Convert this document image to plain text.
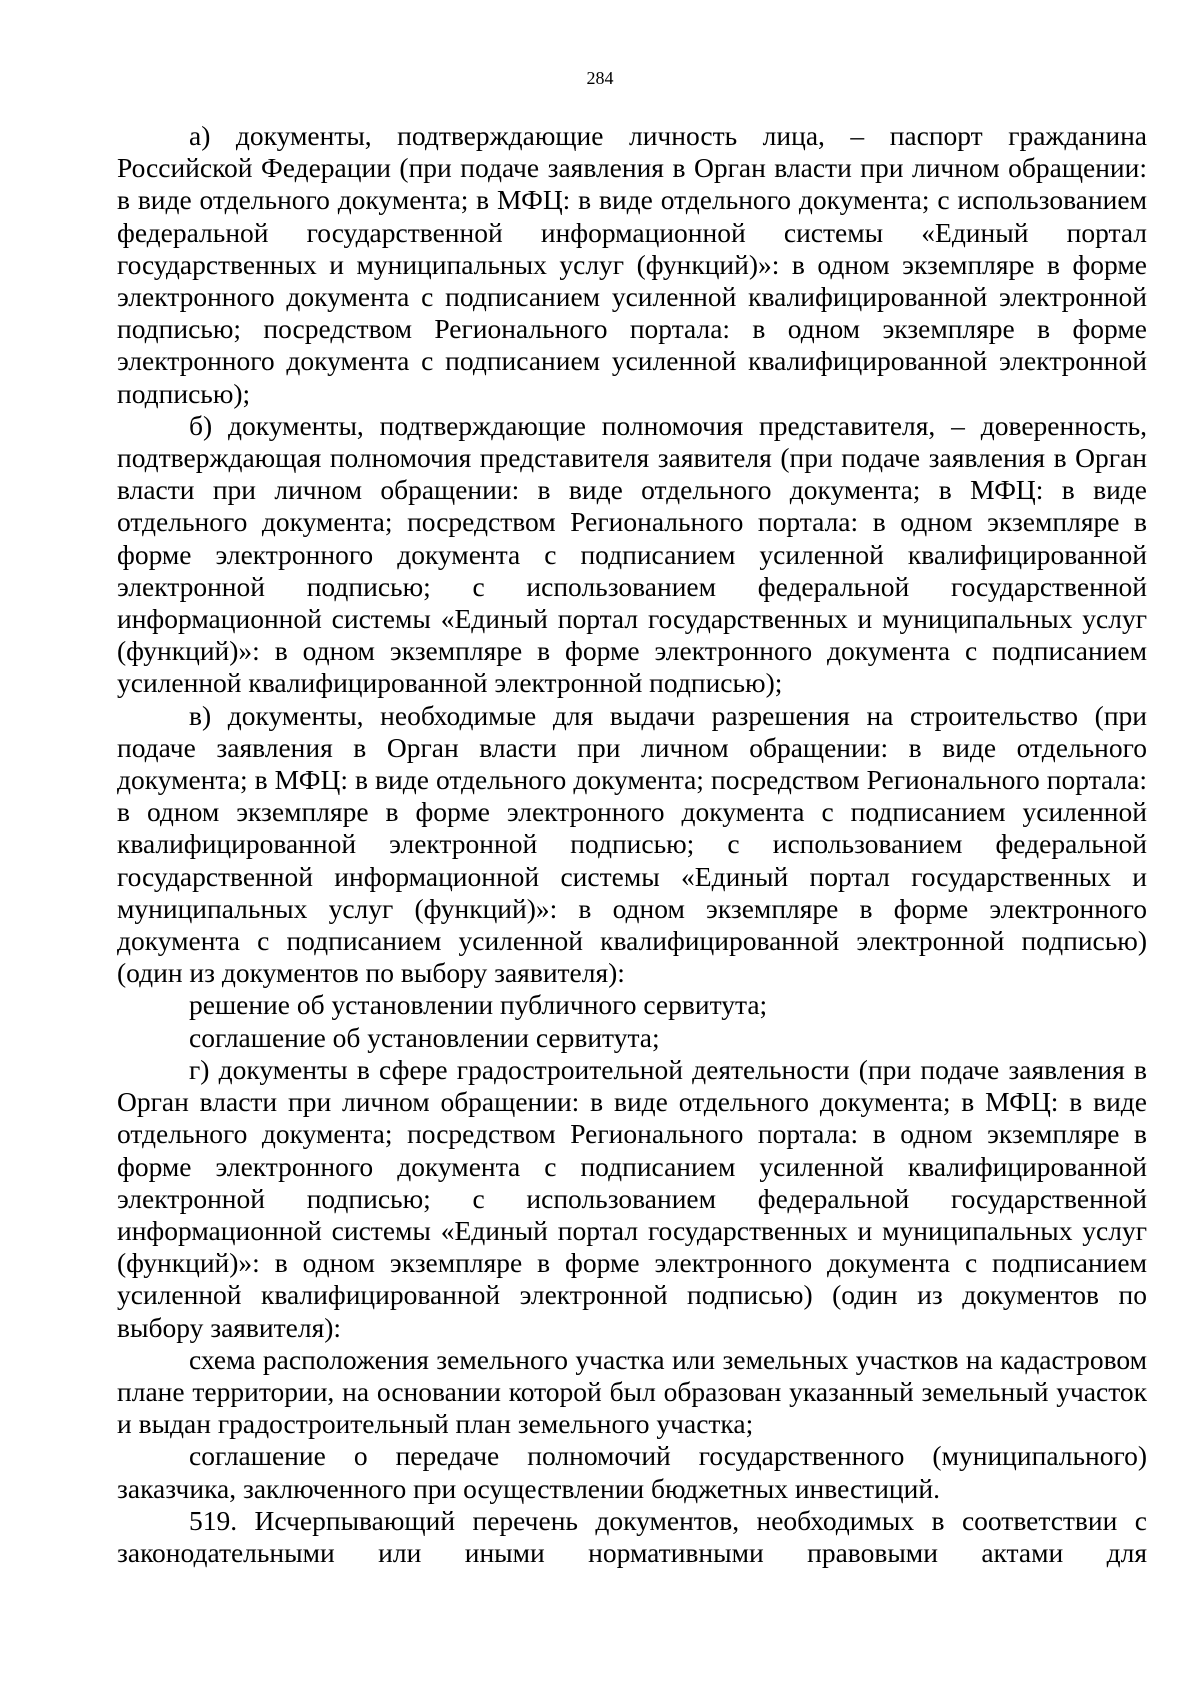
284

а) документы, подтверждающие личность лица, – паспорт гражданина Российской Федерации (при подаче заявления в Орган власти при личном обращении: в виде отдельного документа; в МФЦ: в виде отдельного документа; с использованием федеральной государственной информационной системы «Единый портал государственных и муниципальных услуг (функций)»: в одном экземпляре в форме электронного документа с подписанием усиленной квалифицированной электронной подписью; посредством Регионального портала: в одном экземпляре в форме электронного документа с подписанием усиленной квалифицированной электронной подписью);

б) документы, подтверждающие полномочия представителя, – доверенность, подтверждающая полномочия представителя заявителя (при подаче заявления в Орган власти при личном обращении: в виде отдельного документа; в МФЦ: в виде отдельного документа; посредством Регионального портала: в одном экземпляре в форме электронного документа с подписанием усиленной квалифицированной электронной подписью; с использованием федеральной государственной информационной системы «Единый портал государственных и муниципальных услуг (функций)»: в одном экземпляре в форме электронного документа с подписанием усиленной квалифицированной электронной подписью);

в) документы, необходимые для выдачи разрешения на строительство (при подаче заявления в Орган власти при личном обращении: в виде отдельного документа; в МФЦ: в виде отдельного документа; посредством Регионального портала: в одном экземпляре в форме электронного документа с подписанием усиленной квалифицированной электронной подписью; с использованием федеральной государственной информационной системы «Единый портал государственных и муниципальных услуг (функций)»: в одном экземпляре в форме электронного документа с подписанием усиленной квалифицированной электронной подписью) (один из документов по выбору заявителя):

решение об установлении публичного сервитута;

соглашение об установлении сервитута;

г) документы в сфере градостроительной деятельности (при подаче заявления в Орган власти при личном обращении: в виде отдельного документа; в МФЦ: в виде отдельного документа; посредством Регионального портала: в одном экземпляре в форме электронного документа с подписанием усиленной квалифицированной электронной подписью; с использованием федеральной государственной информационной системы «Единый портал государственных и муниципальных услуг (функций)»: в одном экземпляре в форме электронного документа с подписанием усиленной квалифицированной электронной подписью) (один из документов по выбору заявителя):

схема расположения земельного участка или земельных участков на кадастровом плане территории, на основании которой был образован указанный земельный участок и выдан градостроительный план земельного участка;

соглашение о передаче полномочий государственного (муниципального) заказчика, заключенного при осуществлении бюджетных инвестиций.

519. Исчерпывающий перечень документов, необходимых в соответствии с законодательными или иными нормативными правовыми актами для
